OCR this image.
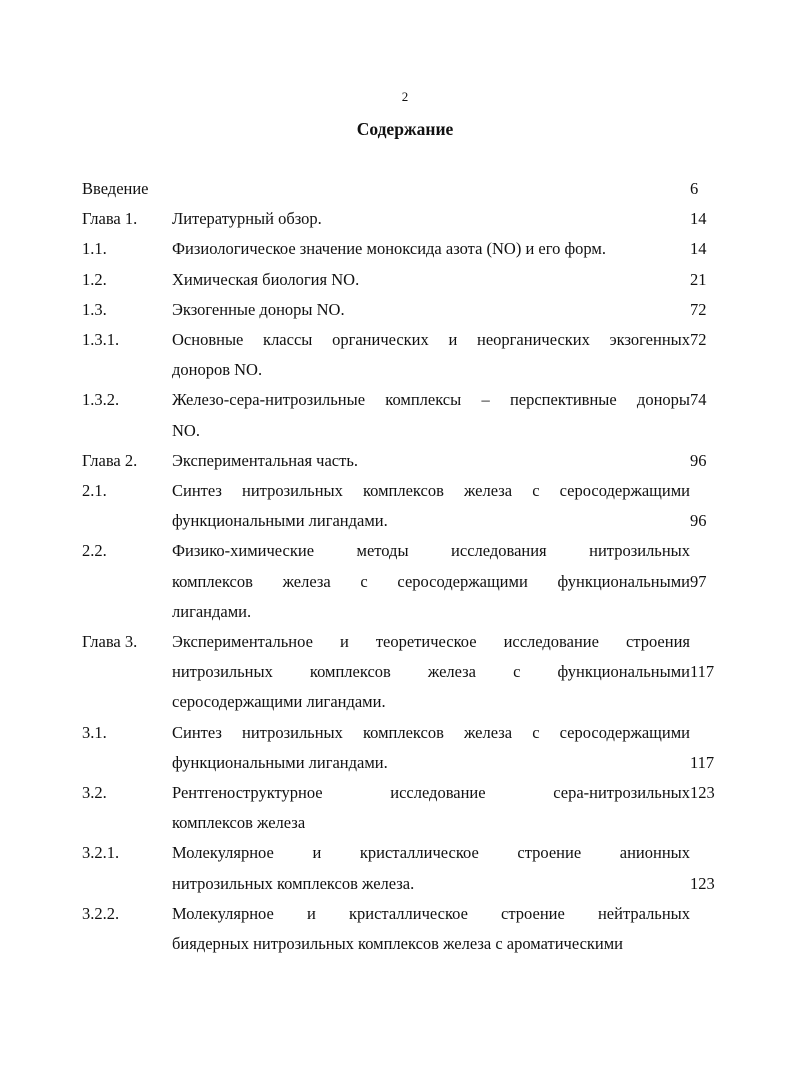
2
Содержание
Введение	6
Глава 1.	Литературный обзор.	14
1.1.	Физиологическое значение моноксида азота (NO) и его форм.	14
1.2.	Химическая биология NO.	21
1.3.	Экзогенные доноры NO.	72
1.3.1.	Основные классы органических и неорганических экзогенных 72
доноров NO.
1.3.2.	Железо-сера-нитрозильные комплексы – перспективные доноры 74
NO.
Глава 2.	Экспериментальная часть.	96
2.1.	Синтез нитрозильных комплексов железа с серосодержащими
функциональными лигандами.	96
2.2.	Физико-химические методы исследования нитрозильных
комплексов железа с серосодержащими функциональными 97
лигандами.
Глава 3.	Экспериментальное и теоретическое исследование строения
нитрозильных комплексов железа с функциональными 117
серосодержащими лигандами.
3.1.	Синтез нитрозильных комплексов железа с серосодержащими
функциональными лигандами.	117
3.2.	Рентгеноструктурное исследование сера-нитрозильных 123
комплексов железа
3.2.1.	Молекулярное и кристаллическое строение анионных
нитрозильных комплексов железа.	123
3.2.2.	Молекулярное и кристаллическое строение нейтральных
биядерных нитрозильных комплексов железа с ароматическими
